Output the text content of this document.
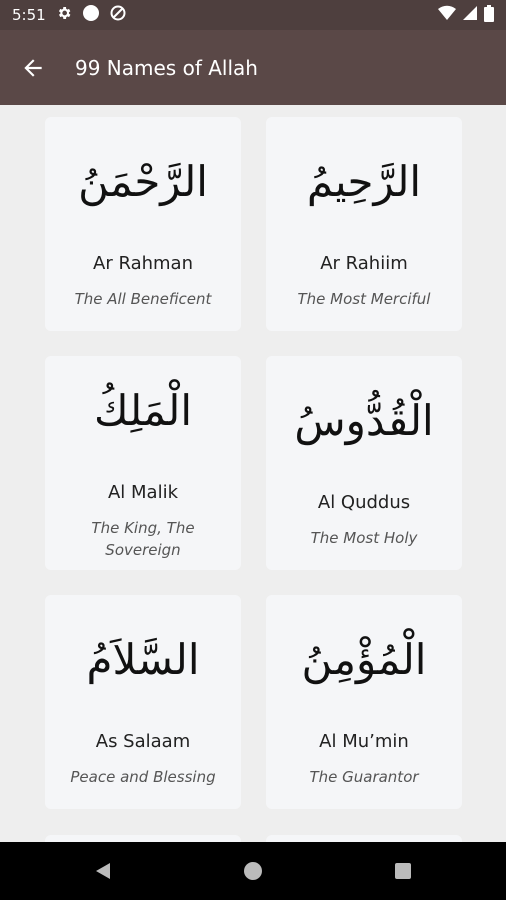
5:51
99 Names of Allah
الرَّحْمَنُ
Ar Rahman
The All Beneficent
الرَّحِيمُ
Ar Rahiim
The Most Merciful
الْمَلِكُ
Al Malik
The King, The Sovereign
الْقُدُّوسُ
Al Quddus
The Most Holy
السَّلاَمُ
As Salaam
Peace and Blessing
الْمُؤْمِنُ
Al Mu’min
The Guarantor
